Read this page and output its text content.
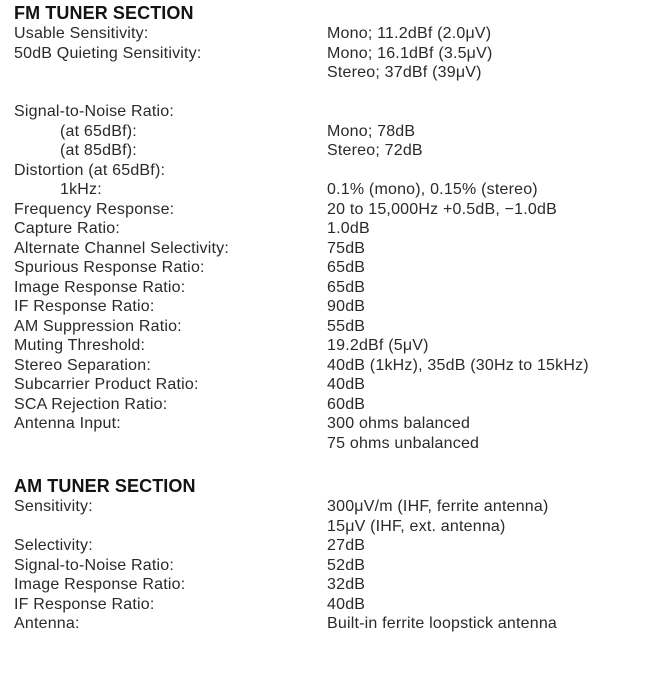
FM TUNER SECTION
Usable Sensitivity:	Mono; 11.2dBf (2.0μV)
50dB Quieting Sensitivity:	Mono; 16.1dBf (3.5μV)
Stereo; 37dBf (39μV)
Signal-to-Noise Ratio:
(at 65dBf):	Mono; 78dB
(at 85dBf):	Stereo; 72dB
Distortion (at 65dBf):
1kHz:	0.1% (mono), 0.15% (stereo)
Frequency Response:	20 to 15,000Hz +0.5dB, −1.0dB
Capture Ratio:	1.0dB
Alternate Channel Selectivity:	75dB
Spurious Response Ratio:	65dB
Image Response Ratio:	65dB
IF Response Ratio:	90dB
AM Suppression Ratio:	55dB
Muting Threshold:	19.2dBf (5μV)
Stereo Separation:	40dB (1kHz), 35dB (30Hz to 15kHz)
Subcarrier Product Ratio:	40dB
SCA Rejection Ratio:	60dB
Antenna Input:	300 ohms balanced
75 ohms unbalanced
AM TUNER SECTION
Sensitivity:	300μV/m (IHF, ferrite antenna)
15μV (IHF, ext. antenna)
Selectivity:	27dB
Signal-to-Noise Ratio:	52dB
Image Response Ratio:	32dB
IF Response Ratio:	40dB
Antenna:	Built-in ferrite loopstick antenna
